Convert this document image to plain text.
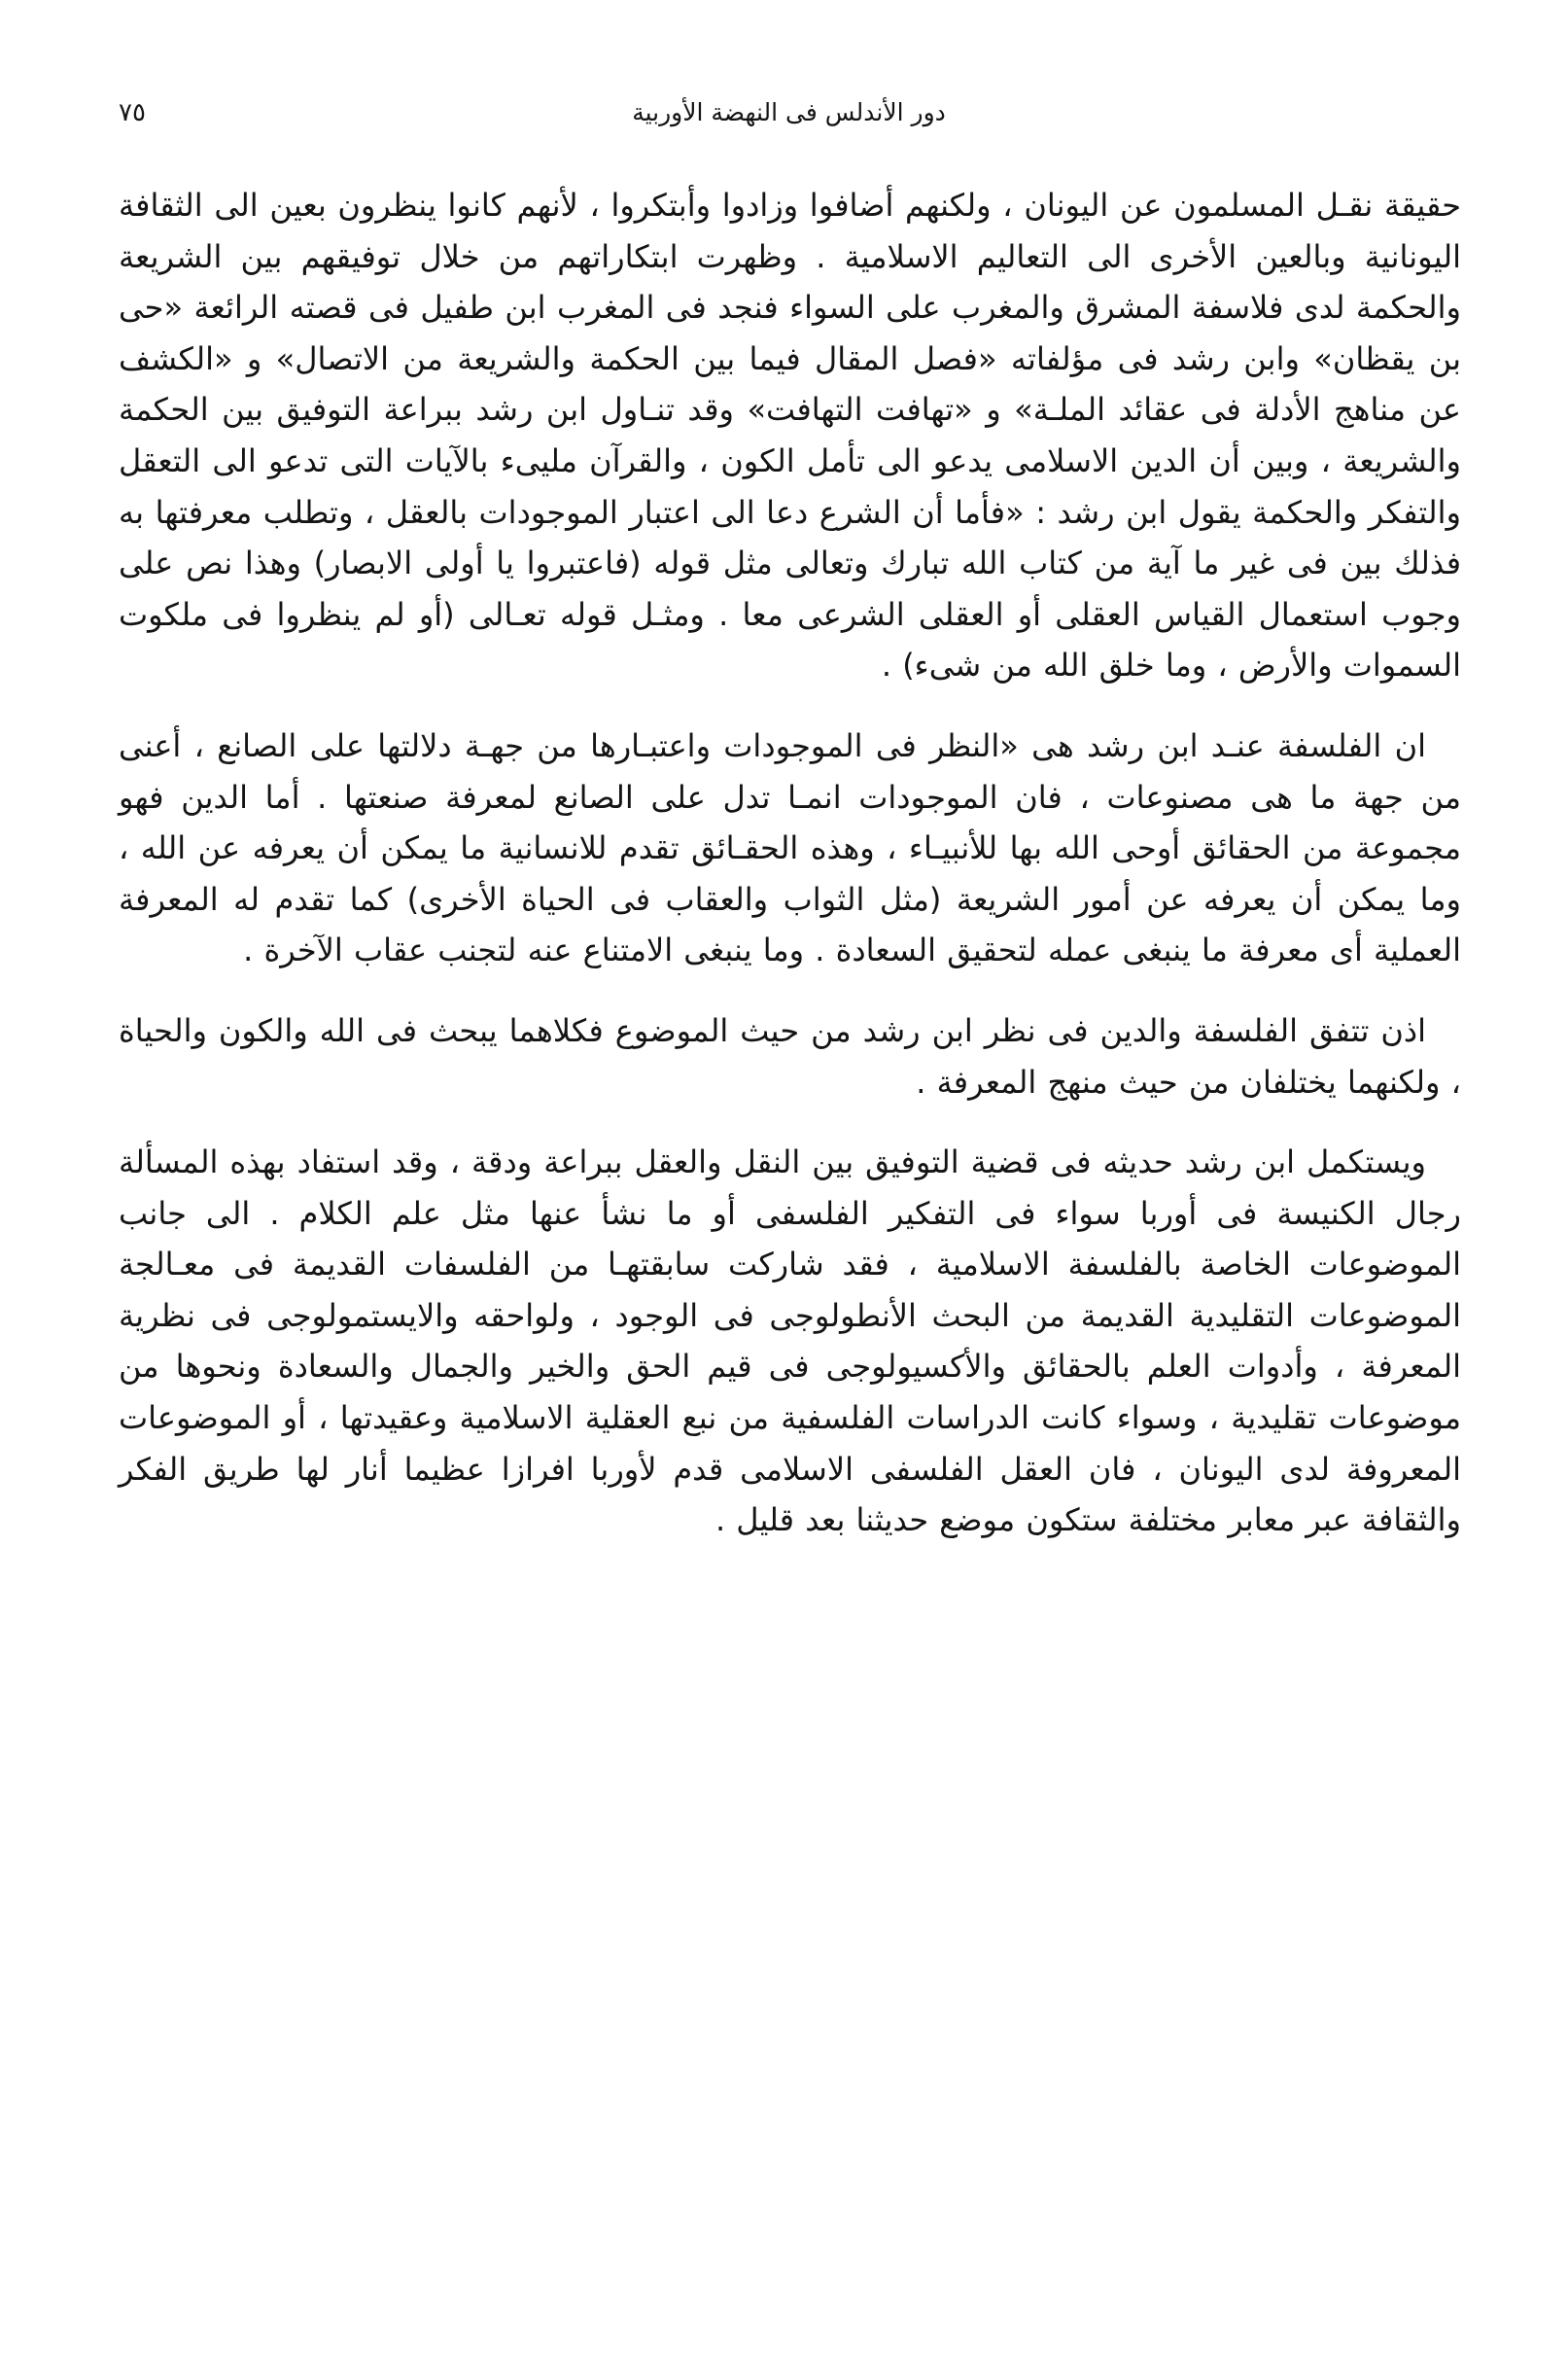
دور الأندلس فى النهضة الأوربية
٧٥

حقيقة نقـل المسلمون عن اليونان ، ولكنهم أضافوا وزادوا وأبتكروا ، لأنهم كانوا ينظرون بعين الى الثقافة اليونانية وبالعين الأخرى الى التعاليم الاسلامية . وظهرت ابتكاراتهم من خلال توفيقهم بين الشريعة والحكمة لدى فلاسفة المشرق والمغرب على السواء فنجد فى المغرب ابن طفيل فى قصته الرائعة «حى بن يقظان» وابن رشد فى مؤلفاته «فصل المقال فيما بين الحكمة والشريعة من الاتصال» و «الكشف عن مناهج الأدلة فى عقائد الملـة» و «تهافت التهافت» وقد تنـاول ابن رشد ببراعة التوفيق بين الحكمة والشريعة ، وبين أن الدين الاسلامى يدعو الى تأمل الكون ، والقرآن مليىء بالآيات التى تدعو الى التعقل والتفكر والحكمة يقول ابن رشد : «فأما أن الشرع دعا الى اعتبار الموجودات بالعقل ، وتطلب معرفتها به فذلك بين فى غير ما آية من كتاب الله تبارك وتعالى مثل قوله (فاعتبروا يا أولى الابصار) وهذا نص على وجوب استعمال القياس العقلى أو العقلى الشرعى معا . ومثـل قوله تعـالى (أو لم ينظروا فى ملكوت السموات والأرض ، وما خلق الله من شىء) .

ان الفلسفة عنـد ابن رشد هى «النظر فى الموجودات واعتبـارها من جهـة دلالتها على الصانع ، أعنى من جهة ما هى مصنوعات ، فان الموجودات انمـا تدل على الصانع لمعرفة صنعتها . أما الدين فهو مجموعة من الحقائق أوحى الله بها للأنبيـاء ، وهذه الحقـائق تقدم للانسانية ما يمكن أن يعرفه عن الله ، وما يمكن أن يعرفه عن أمور الشريعة (مثل الثواب والعقاب فى الحياة الأخرى) كما تقدم له المعرفة العملية أى معرفة ما ينبغى عمله لتحقيق السعادة . وما ينبغى الامتناع عنه لتجنب عقاب الآخرة .

اذن تتفق الفلسفة والدين فى نظر ابن رشد من حيث الموضوع فكلاهما يبحث فى الله والكون والحياة ، ولكنهما يختلفان من حيث منهج المعرفة .

ويستكمل ابن رشد حديثه فى قضية التوفيق بين النقل والعقل ببراعة ودقة ، وقد استفاد بهذه المسألة رجال الكنيسة فى أوربا سواء فى التفكير الفلسفى أو ما نشأ عنها مثل علم الكلام . الى جانب الموضوعات الخاصة بالفلسفة الاسلامية ، فقد شاركت سابقتهـا من الفلسفات القديمة فى معـالجة الموضوعات التقليدية القديمة من البحث الأنطولوجى فى الوجود ، ولواحقه والايستمولوجى فى نظرية المعرفة ، وأدوات العلم بالحقائق والأكسيولوجى فى قيم الحق والخير والجمال والسعادة ونحوها من موضوعات تقليدية ، وسواء كانت الدراسات الفلسفية من نبع العقلية الاسلامية وعقيدتها ، أو الموضوعات المعروفة لدى اليونان ، فان العقل الفلسفى الاسلامى قدم لأوربا افرازا عظيما أنار لها طريق الفكر والثقافة عبر معابر مختلفة ستكون موضع حديثنا بعد قليل .
